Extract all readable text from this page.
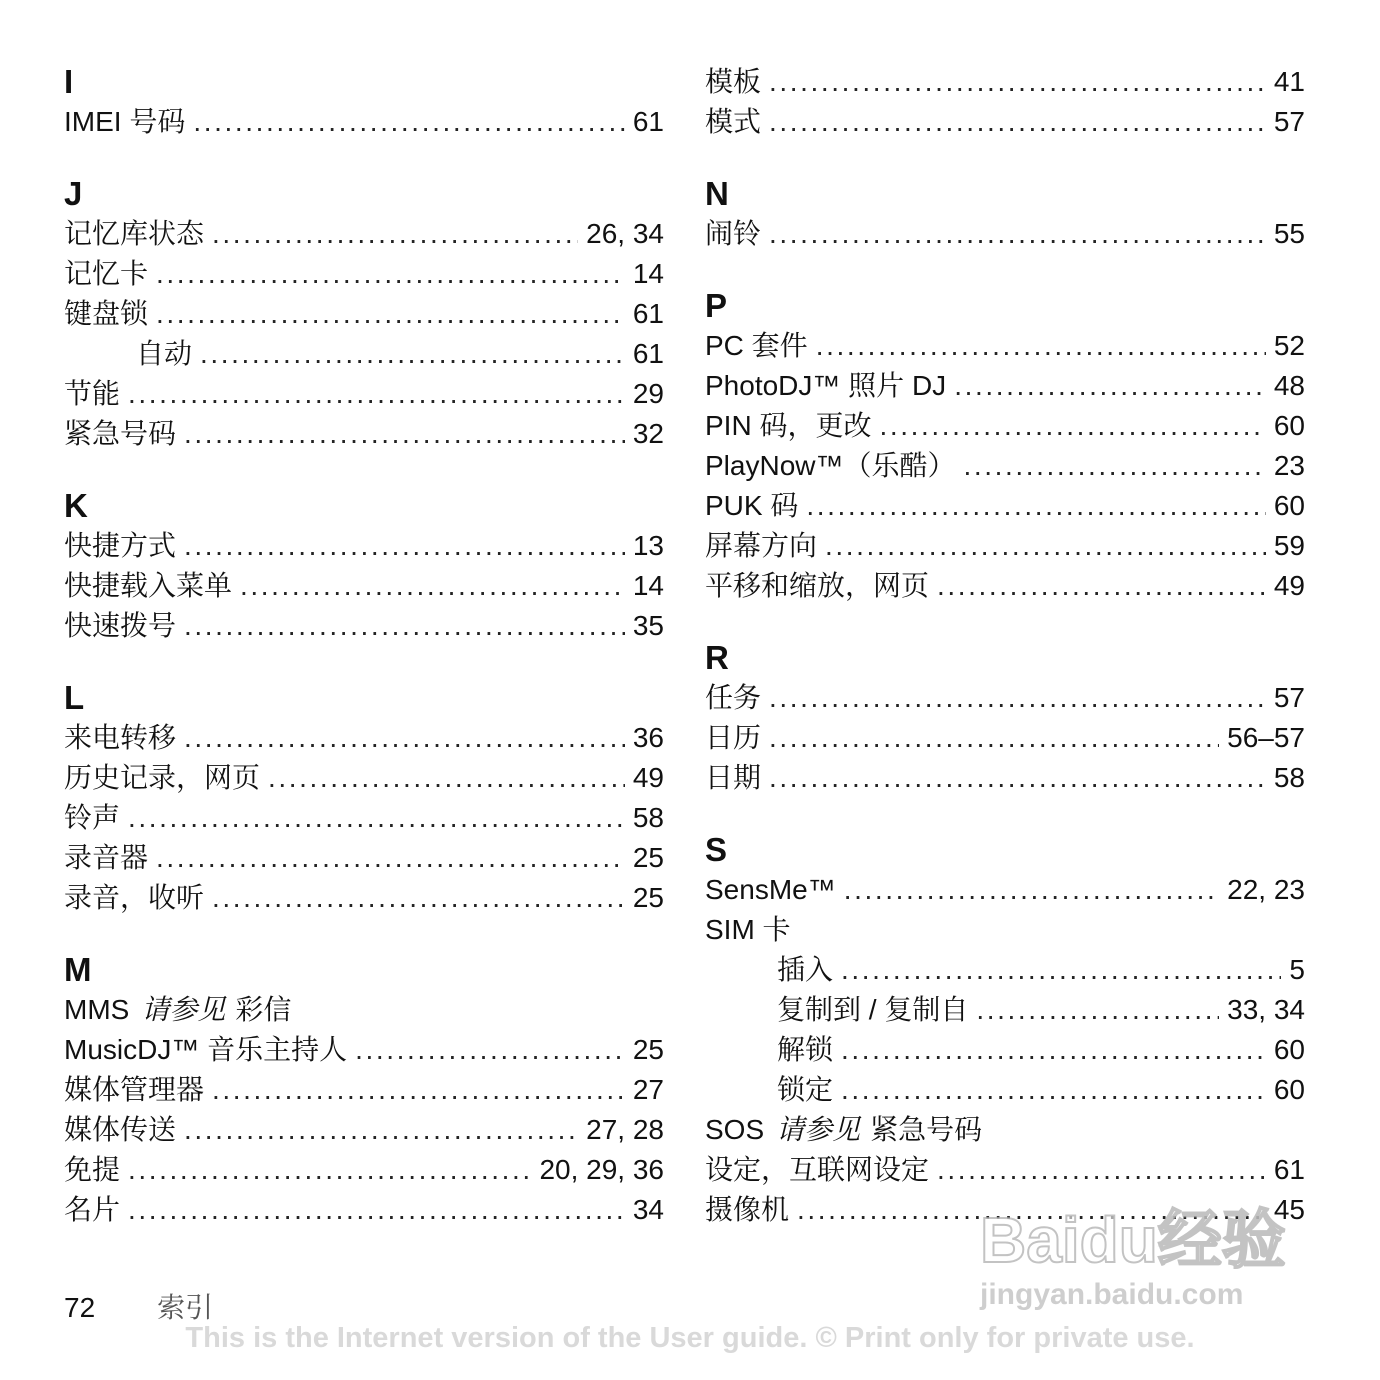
I
IMEI 号码 .....	61
J
记忆库状态 .....	26, 34
记忆卡 .....	14
键盘锁 .....	61
自动 .....	61
节能 .....	29
紧急号码 .....	32
K
快捷方式 .....	13
快捷载入菜单 .....	14
快速拨号 .....	35
L
来电转移 .....	36
历史记录，网页 .....	49
铃声 .....	58
录音器 .....	25
录音，收听 .....	25
M
MMS 请参见 彩信
MusicDJ™ 音乐主持人 .....	25
媒体管理器 .....	27
媒体传送 .....	27, 28
免提 .....	20, 29, 36
名片 .....	34
模板 .....	41
模式 .....	57
N
闹铃 .....	55
P
PC 套件 .....	52
PhotoDJ™ 照片 DJ .....	48
PIN 码，更改 .....	60
PlayNow™（乐酷） .....	23
PUK 码 .....	60
屏幕方向 .....	59
平移和缩放，网页 .....	49
R
任务 .....	57
日历 .....	56–57
日期 .....	58
S
SensMe™ .....	22, 23
SIM 卡
插入 .....	5
复制到 / 复制自 .....	33, 34
解锁 .....	60
锁定 .....	60
SOS 请参见 紧急号码
设定，互联网设定 .....	61
摄像机 .....	45
72 索引
This is the Internet version of the User guide. © Print only for private use.
Baidu经验
jingyan.baidu.com
